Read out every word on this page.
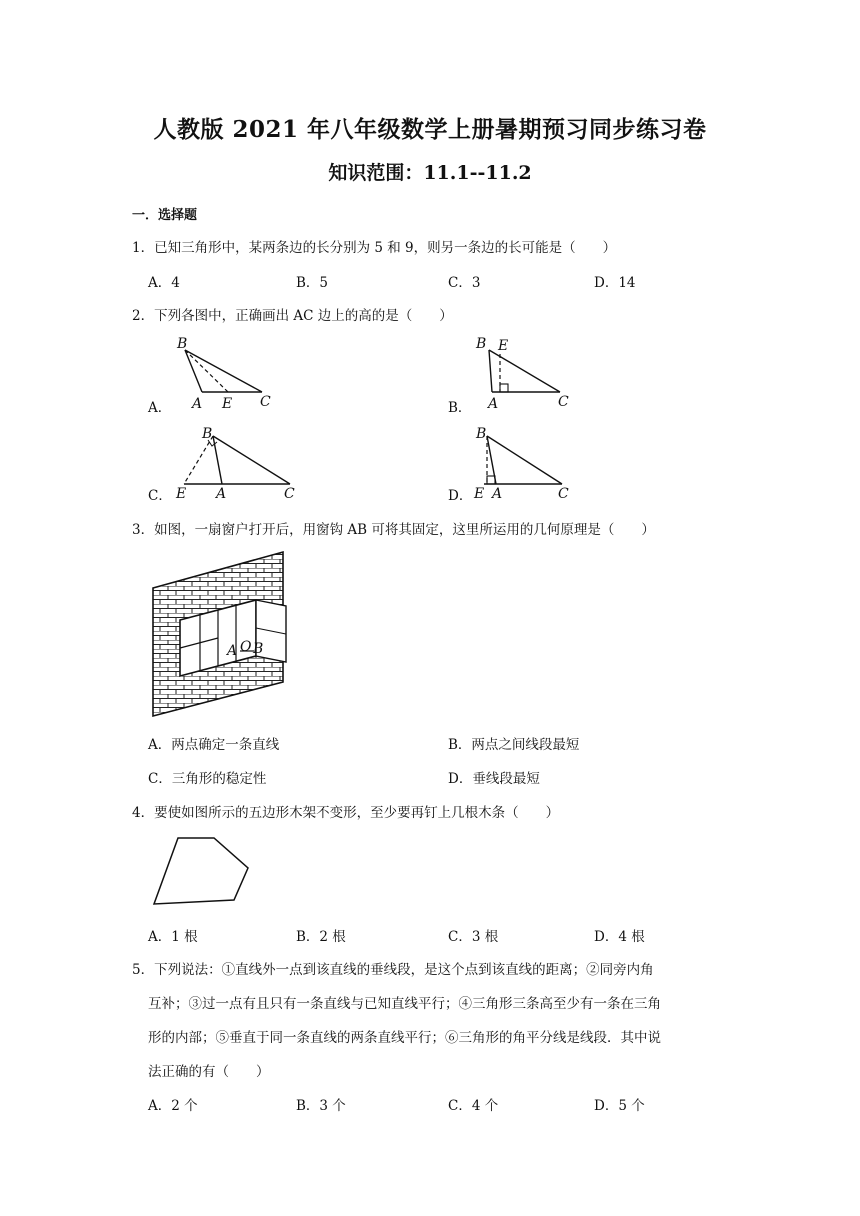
人教版 2021 年八年级数学上册暑期预习同步练习卷
知识范围：11.1--11.2
一．选择题
1．已知三角形中，某两条边的长分别为 5 和 9，则另一条边的长可能是（　　）
A．4	B．5	C．3	D．14
2．下列各图中，正确画出 AC 边上的高的是（　　）
A．	B．
C．	D．
B
A E C
B E
A	C
B
E A	C
B
E A	C
3．如图，一扇窗户打开后，用窗钩 AB 可将其固定，这里所运用的几何原理是（　　）
A O B
A．两点确定一条直线	B．两点之间线段最短
C．三角形的稳定性	D．垂线段最短
4．要使如图所示的五边形木架不变形，至少要再钉上几根木条（　　）
A．1 根	B．2 根	C．3 根	D．4 根
5．下列说法：①直线外一点到该直线的垂线段，是这个点到该直线的距离；②同旁内角
互补；③过一点有且只有一条直线与已知直线平行；④三角形三条高至少有一条在三角
形的内部；⑤垂直于同一条直线的两条直线平行；⑥三角形的角平分线是线段．其中说
法正确的有（　　）
A．2 个	B．3 个	C．4 个	D．5 个
